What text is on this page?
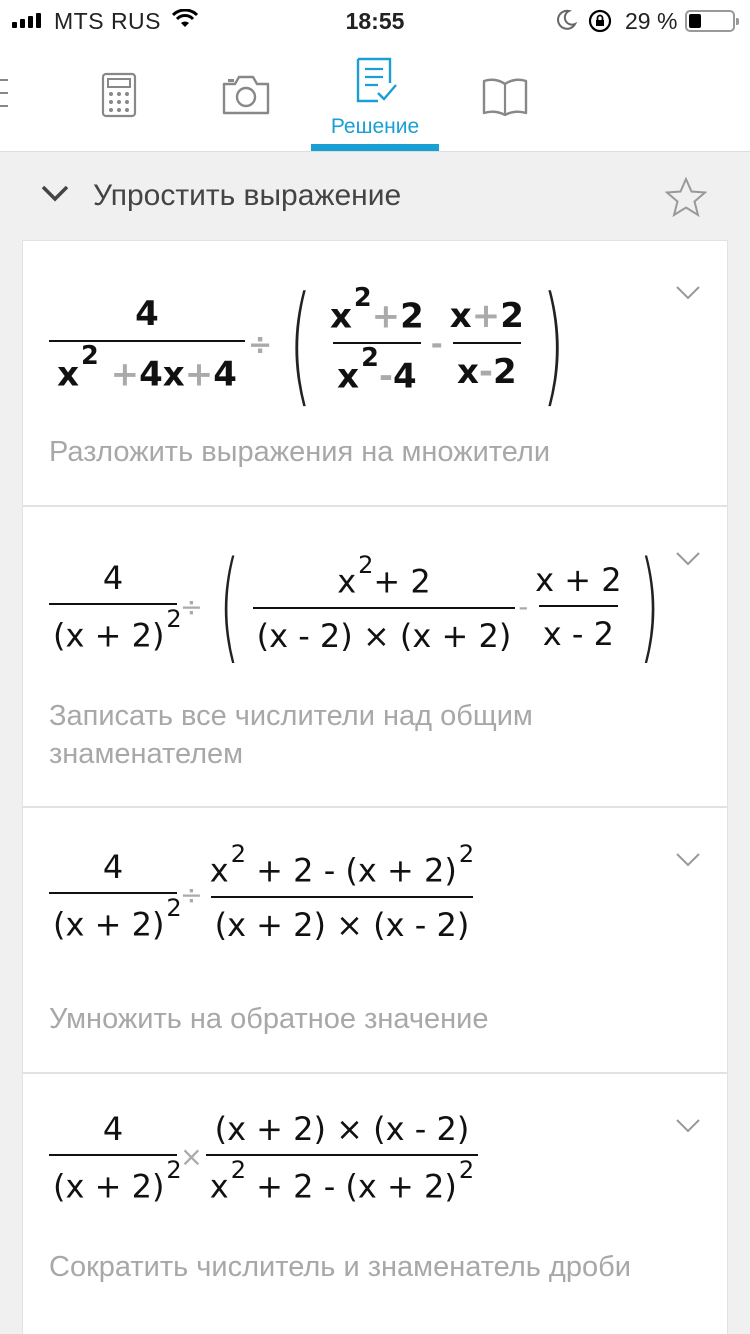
MTS RUS	18:55	29 %
Решение
Упростить выражение
$\frac{4}{x^2 +4x+4}$ ÷ ( $\frac{x^2+2}{x^2-4} - \frac{x+2}{x-2}$ )
Разложить выражения на множители
$\frac{4}{(x + 2)^2}$ ÷ ( $\frac{x^2+ 2}{(x - 2) \times (x + 2)} - \frac{x + 2}{x - 2}$ )
Записать все числители над общим знаменателем
$\frac{4}{(x + 2)^2} \div \frac{x^2 + 2 - (x + 2)^2}{(x + 2) \times (x - 2)}$
Умножить на обратное значение
$\frac{4}{(x + 2)^2} \times \frac{(x + 2) \times (x - 2)}{x^2 + 2 - (x + 2)^2}$
Сократить числитель и знаменатель дроби
